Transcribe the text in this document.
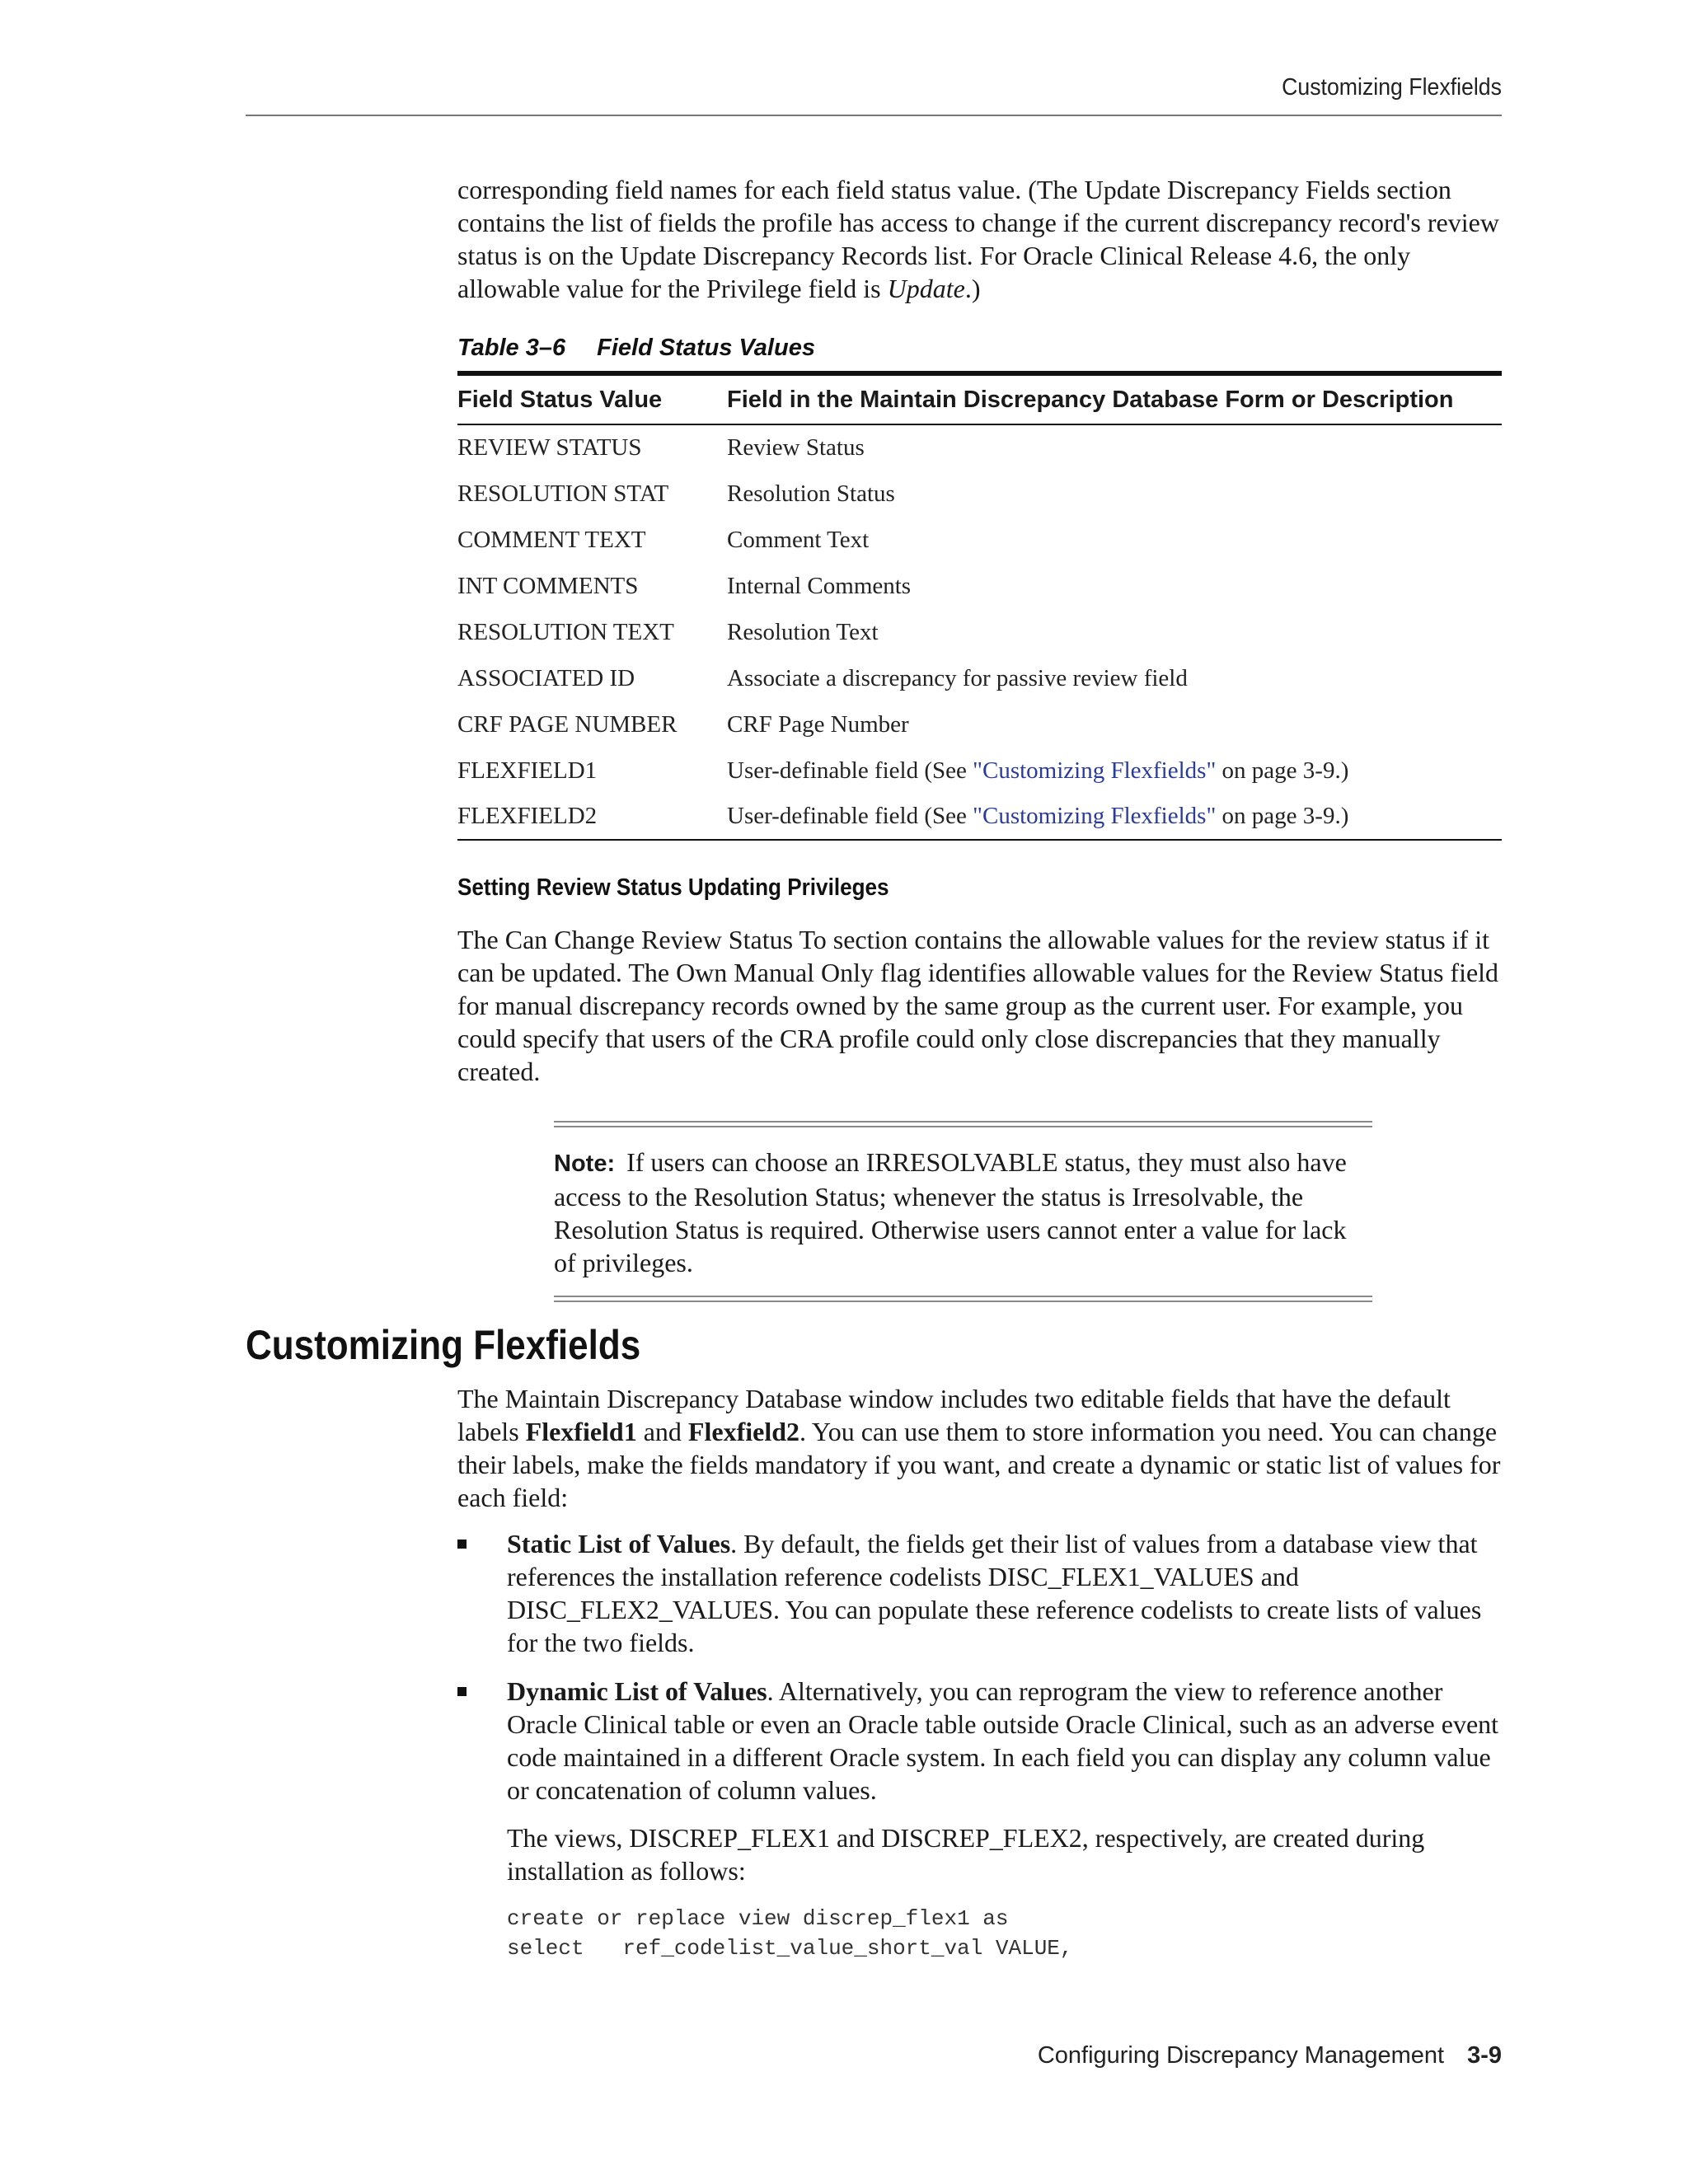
Customizing Flexfields

corresponding field names for each field status value. (The Update Discrepancy Fields section contains the list of fields the profile has access to change if the current discrepancy record's review status is on the Update Discrepancy Records list. For Oracle Clinical Release 4.6, the only allowable value for the Privilege field is Update.)

Table 3–6 Field Status Values
Field Status Value	Field in the Maintain Discrepancy Database Form or Description
REVIEW STATUS	Review Status
RESOLUTION STAT	Resolution Status
COMMENT TEXT	Comment Text
INT COMMENTS	Internal Comments
RESOLUTION TEXT	Resolution Text
ASSOCIATED ID	Associate a discrepancy for passive review field
CRF PAGE NUMBER	CRF Page Number
FLEXFIELD1	User-definable field (See "Customizing Flexfields" on page 3-9.)
FLEXFIELD2	User-definable field (See "Customizing Flexfields" on page 3-9.)
Setting Review Status Updating Privileges

The Can Change Review Status To section contains the allowable values for the review status if it can be updated. The Own Manual Only flag identifies allowable values for the Review Status field for manual discrepancy records owned by the same group as the current user. For example, you could specify that users of the CRA profile could only close discrepancies that they manually created.

Note: If users can choose an IRRESOLVABLE status, they must also have access to the Resolution Status; whenever the status is Irresolvable, the Resolution Status is required. Otherwise users cannot enter a value for lack of privileges.

Customizing Flexfields

The Maintain Discrepancy Database window includes two editable fields that have the default labels Flexfield1 and Flexfield2. You can use them to store information you need. You can change their labels, make the fields mandatory if you want, and create a dynamic or static list of values for each field:

Static List of Values. By default, the fields get their list of values from a database view that references the installation reference codelists DISC_FLEX1_VALUES and DISC_FLEX2_VALUES. You can populate these reference codelists to create lists of values for the two fields.
Dynamic List of Values. Alternatively, you can reprogram the view to reference another Oracle Clinical table or even an Oracle table outside Oracle Clinical, such as an adverse event code maintained in a different Oracle system. In each field you can display any column value or concatenation of column values.

The views, DISCREP_FLEX1 and DISCREP_FLEX2, respectively, are created during installation as follows:

create or replace view discrep_flex1 as
select   ref_codelist_value_short_val VALUE,
Configuring Discrepancy Management 3-9
